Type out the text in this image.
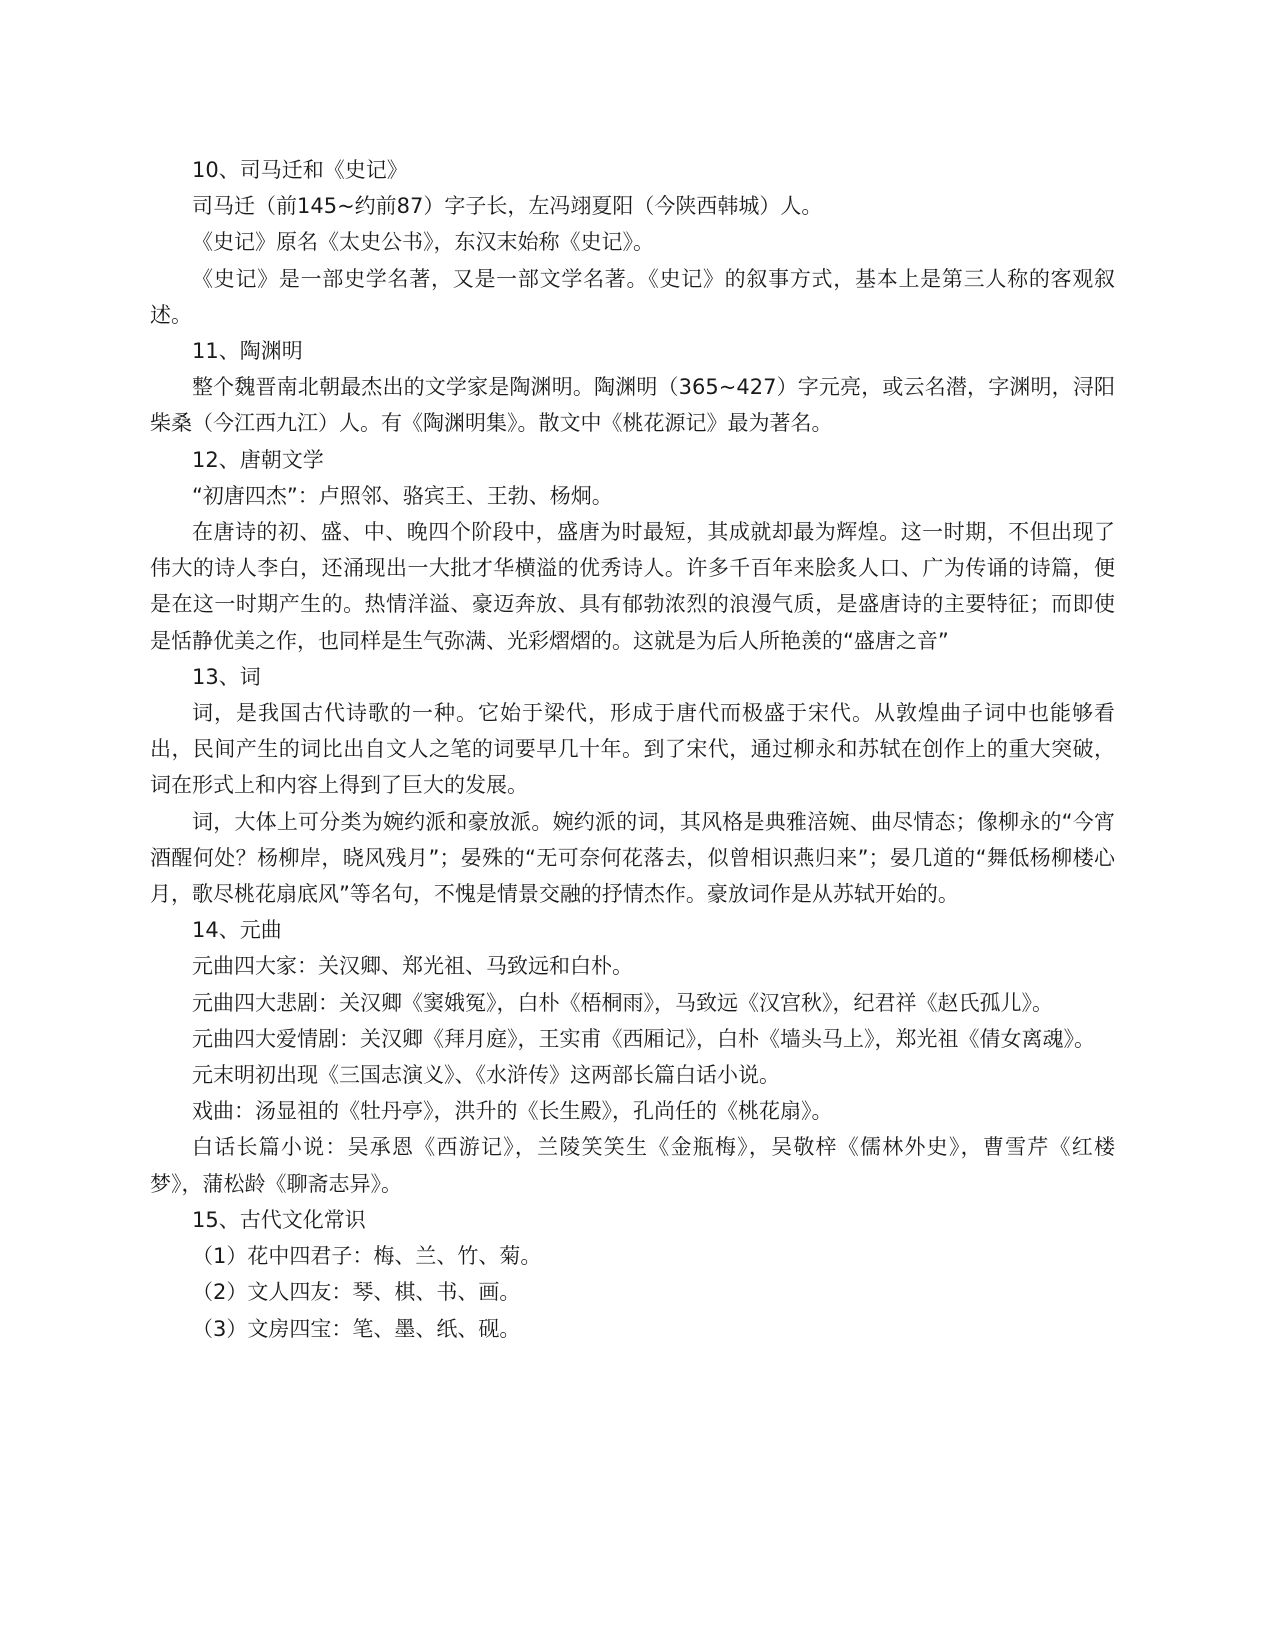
10、司马迁和《史记》

司马迁（前145~约前87）字子长，左冯翊夏阳（今陕西韩城）人。

《史记》原名《太史公书》，东汉末始称《史记》。

《史记》是一部史学名著，又是一部文学名著。《史记》的叙事方式，基本上是第三人称的客观叙述。

11、陶渊明

整个魏晋南北朝最杰出的文学家是陶渊明。陶渊明（365~427）字元亮，或云名潜，字渊明，浔阳柴桑（今江西九江）人。有《陶渊明集》。散文中《桃花源记》最为著名。

12、唐朝文学

“初唐四杰”：卢照邻、骆宾王、王勃、杨炯。

在唐诗的初、盛、中、晚四个阶段中，盛唐为时最短，其成就却最为辉煌。这一时期，不但出现了伟大的诗人李白，还涌现出一大批才华横溢的优秀诗人。许多千百年来脍炙人口、广为传诵的诗篇，便是在这一时期产生的。热情洋溢、豪迈奔放、具有郁勃浓烈的浪漫气质，是盛唐诗的主要特征；而即使是恬静优美之作，也同样是生气弥满、光彩熠熠的。这就是为后人所艳羡的“盛唐之音”

13、词

词，是我国古代诗歌的一种。它始于梁代，形成于唐代而极盛于宋代。从敦煌曲子词中也能够看出，民间产生的词比出自文人之笔的词要早几十年。到了宋代，通过柳永和苏轼在创作上的重大突破，词在形式上和内容上得到了巨大的发展。

词，大体上可分类为婉约派和豪放派。婉约派的词，其风格是典雅涪婉、曲尽情态；像柳永的“今宵酒醒何处？杨柳岸，晓风残月”；晏殊的“无可奈何花落去，似曾相识燕归来”；晏几道的“舞低杨柳楼心月，歌尽桃花扇底风”等名句，不愧是情景交融的抒情杰作。豪放词作是从苏轼开始的。

14、元曲

元曲四大家：关汉卿、郑光祖、马致远和白朴。

元曲四大悲剧：关汉卿《窦娥冤》，白朴《梧桐雨》，马致远《汉宫秋》，纪君祥《赵氏孤儿》。

元曲四大爱情剧：关汉卿《拜月庭》，王实甫《西厢记》，白朴《墙头马上》，郑光祖《倩女离魂》。

元末明初出现《三国志演义》、《水浒传》这两部长篇白话小说。

戏曲：汤显祖的《牡丹亭》，洪升的《长生殿》，孔尚任的《桃花扇》。

白话长篇小说：吴承恩《西游记》，兰陵笑笑生《金瓶梅》，吴敬梓《儒林外史》，曹雪芹《红楼梦》，蒲松龄《聊斋志异》。

15、古代文化常识

（1）花中四君子：梅、兰、竹、菊。

（2）文人四友：琴、棋、书、画。

（3）文房四宝：笔、墨、纸、砚。
